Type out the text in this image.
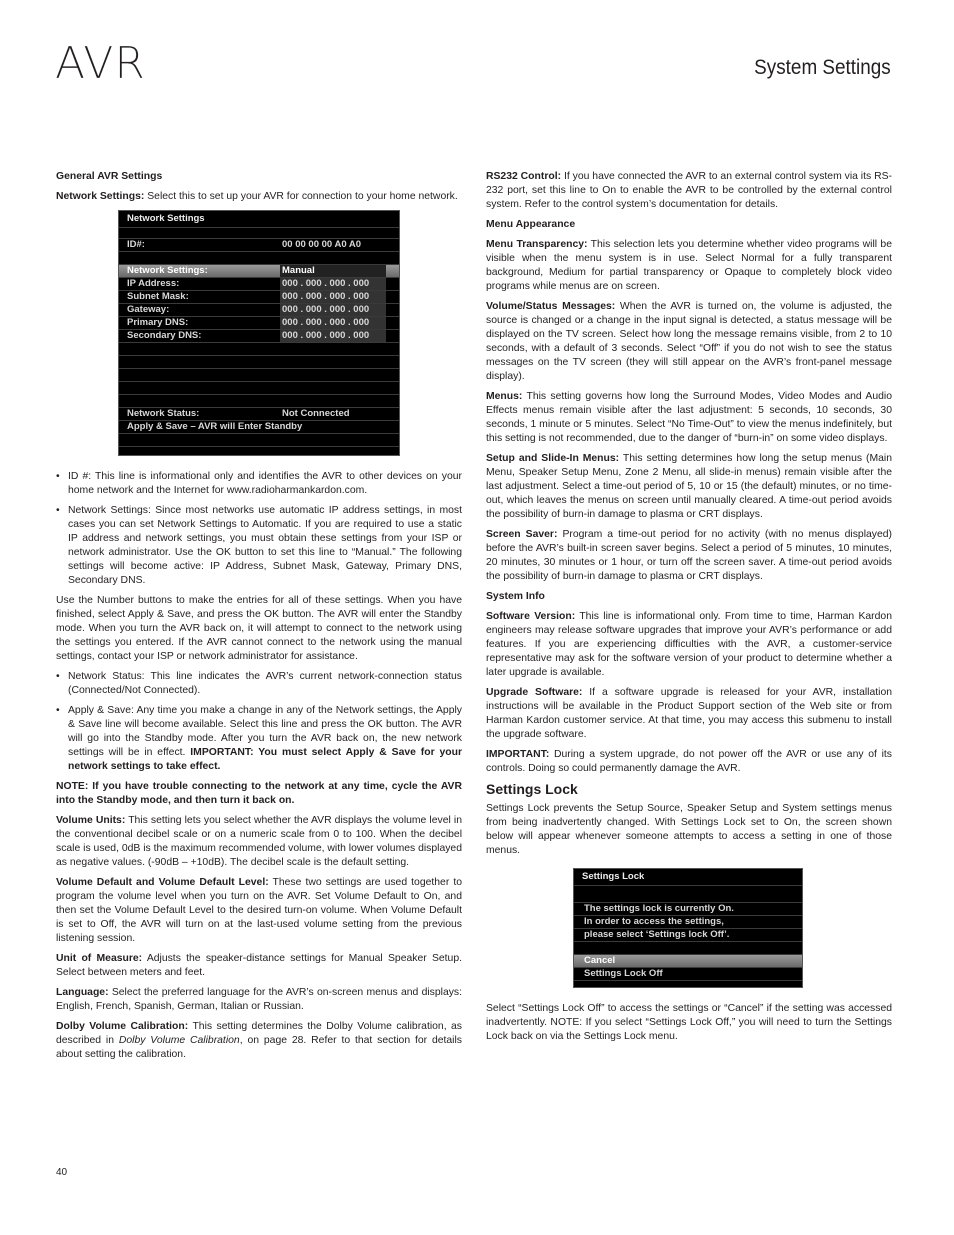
AVR	System Settings

General AVR Settings

Network Settings: Select this to set up your AVR for connection to your home network.

Network Settings
ID#:	00 00 00 00 A0 A0
Network Settings:	Manual
IP Address:	000 . 000 . 000 . 000
Subnet Mask:	000 . 000 . 000 . 000
Gateway:	000 . 000 . 000 . 000
Primary DNS:	000 . 000 . 000 . 000
Secondary DNS:	000 . 000 . 000 . 000
Network Status:	Not Connected
Apply & Save – AVR will Enter Standby

• ID #: This line is informational only and identifies the AVR to other devices on your home network and the Internet for www.radioharmankardon.com.

• Network Settings: Since most networks use automatic IP address settings, in most cases you can set Network Settings to Automatic. If you are required to use a static IP address and network settings, you must obtain these settings from your ISP or network administrator. Use the OK button to set this line to “Manual.” The following settings will become active: IP Address, Subnet Mask, Gateway, Primary DNS, Secondary DNS.

Use the Number buttons to make the entries for all of these settings. When you have finished, select Apply & Save, and press the OK button. The AVR will enter the Standby mode. When you turn the AVR back on, it will attempt to connect to the network using the settings you entered. If the AVR cannot connect to the network using the manual settings, contact your ISP or network administrator for assistance.

• Network Status: This line indicates the AVR’s current network-connection status (Connected/Not Connected).

• Apply & Save: Any time you make a change in any of the Network settings, the Apply & Save line will become available. Select this line and press the OK button. The AVR will go into the Standby mode. After you turn the AVR back on, the new network settings will be in effect. IMPORTANT: You must select Apply & Save for your network settings to take effect.

NOTE: If you have trouble connecting to the network at any time, cycle the AVR into the Standby mode, and then turn it back on.

Volume Units: This setting lets you select whether the AVR displays the volume level in the conventional decibel scale or on a numeric scale from 0 to 100. When the decibel scale is used, 0dB is the maximum recommended volume, with lower volumes displayed as negative values. (-90dB – +10dB). The decibel scale is the default setting.

Volume Default and Volume Default Level: These two settings are used together to program the volume level when you turn on the AVR. Set Volume Default to On, and then set the Volume Default Level to the desired turn-on volume. When Volume Default is set to Off, the AVR will turn on at the last-used volume setting from the previous listening session.

Unit of Measure: Adjusts the speaker-distance settings for Manual Speaker Setup. Select between meters and feet.

Language: Select the preferred language for the AVR’s on-screen menus and displays: English, French, Spanish, German, Italian or Russian.

Dolby Volume Calibration: This setting determines the Dolby Volume calibration, as described in Dolby Volume Calibration, on page 28. Refer to that section for details about setting the calibration.

RS232 Control: If you have connected the AVR to an external control system via its RS-232 port, set this line to On to enable the AVR to be controlled by the external control system. Refer to the control system’s documentation for details.

Menu Appearance

Menu Transparency: This selection lets you determine whether video programs will be visible when the menu system is in use. Select Normal for a fully transparent background, Medium for partial transparency or Opaque to completely block video programs while menus are on screen.

Volume/Status Messages: When the AVR is turned on, the volume is adjusted, the source is changed or a change in the input signal is detected, a status message will be displayed on the TV screen. Select how long the message remains visible, from 2 to 10 seconds, with a default of 3 seconds. Select “Off” if you do not wish to see the status messages on the TV screen (they will still appear on the AVR’s front-panel message display).

Menus: This setting governs how long the Surround Modes, Video Modes and Audio Effects menus remain visible after the last adjustment: 5 seconds, 10 seconds, 30 seconds, 1 minute or 5 minutes. Select “No Time-Out” to view the menus indefinitely, but this setting is not recommended, due to the danger of “burn-in” on some video displays.

Setup and Slide-In Menus: This setting determines how long the setup menus (Main Menu, Speaker Setup Menu, Zone 2 Menu, all slide-in menus) remain visible after the last adjustment. Select a time-out period of 5, 10 or 15 (the default) minutes, or no time-out, which leaves the menus on screen until manually cleared. A time-out period avoids the possibility of burn-in damage to plasma or CRT displays.

Screen Saver: Program a time-out period for no activity (with no menus displayed) before the AVR’s built-in screen saver begins. Select a period of 5 minutes, 10 minutes, 20 minutes, 30 minutes or 1 hour, or turn off the screen saver. A time-out period avoids the possibility of burn-in damage to plasma or CRT displays.

System Info

Software Version: This line is informational only. From time to time, Harman Kardon engineers may release software upgrades that improve your AVR’s performance or add features. If you are experiencing difficulties with the AVR, a customer-service representative may ask for the software version of your product to determine whether a later upgrade is available.

Upgrade Software: If a software upgrade is released for your AVR, installation instructions will be available in the Product Support section of the Web site or from Harman Kardon customer service. At that time, you may access this submenu to install the upgrade software.

IMPORTANT: During a system upgrade, do not power off the AVR or use any of its controls. Doing so could permanently damage the AVR.

Settings Lock

Settings Lock prevents the Setup Source, Speaker Setup and System settings menus from being inadvertently changed. With Settings Lock set to On, the screen shown below will appear whenever someone attempts to access a setting in one of those menus.

Settings Lock
The settings lock is currently On.
In order to access the settings,
please select ‘Settings lock Off’.
Cancel
Settings Lock Off

Select “Settings Lock Off” to access the settings or “Cancel” if the setting was accessed inadvertently. NOTE: If you select “Settings Lock Off,” you will need to turn the Settings Lock back on via the Settings Lock menu.

40
